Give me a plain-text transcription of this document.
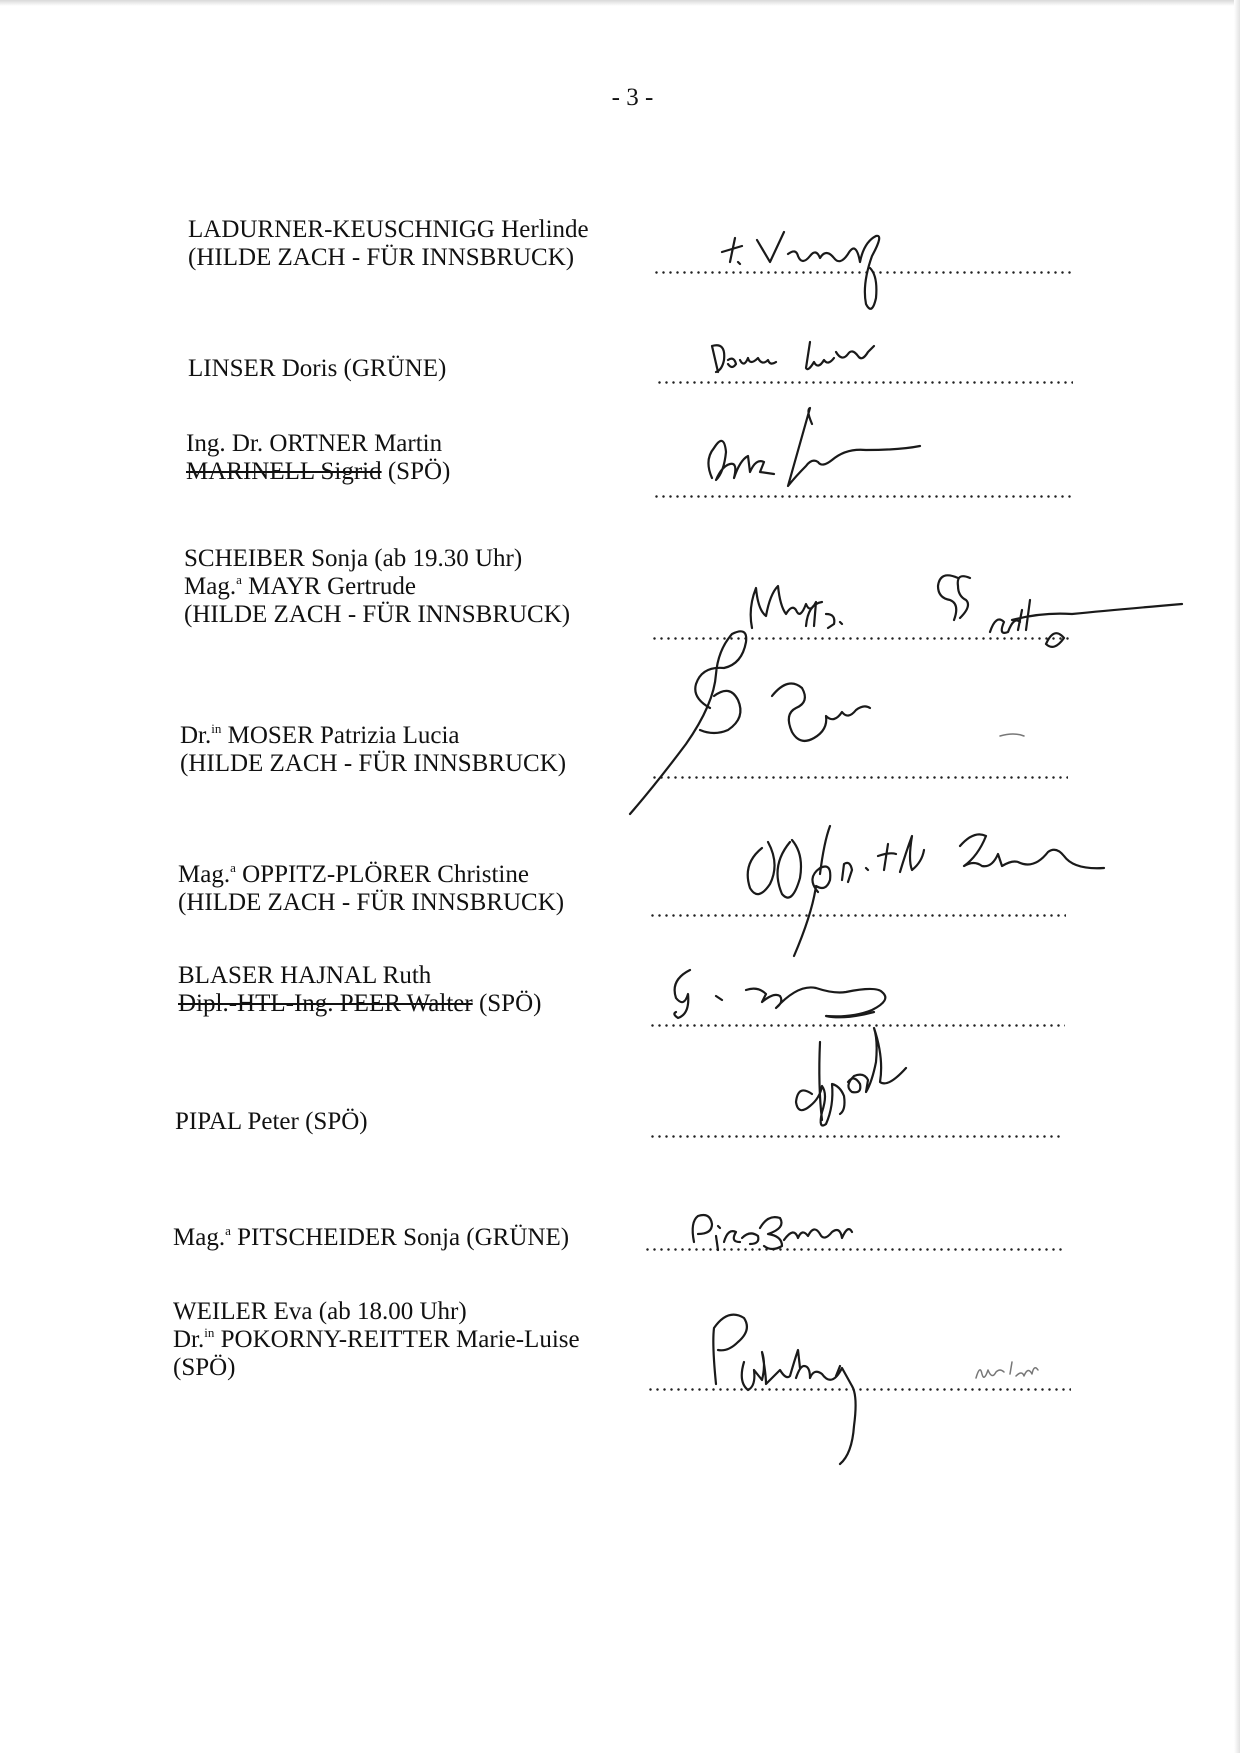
- 3 -
LADURNER-KEUSCHNIGG Herlinde
(HILDE ZACH - FÜR INNSBRUCK)
LINSER Doris (GRÜNE)
Ing. Dr. ORTNER Martin
MARINELL Sigrid (SPÖ)
SCHEIBER Sonja (ab 19.30 Uhr)
Mag.$^a$ MAYR Gertrude
(HILDE ZACH - FÜR INNSBRUCK)
Dr.$^{in}$ MOSER Patrizia Lucia
(HILDE ZACH - FÜR INNSBRUCK)
Mag.$^a$ OPPITZ-PLÖRER Christine
(HILDE ZACH - FÜR INNSBRUCK)
BLASER HAJNAL Ruth
Dipl.-HTL-Ing. PEER Walter (SPÖ)
PIPAL Peter (SPÖ)
Mag.$^a$ PITSCHEIDER Sonja (GRÜNE)
WEILER Eva (ab 18.00 Uhr)
Dr.$^{in}$ POKORNY-REITTER Marie-Luise
(SPÖ)
